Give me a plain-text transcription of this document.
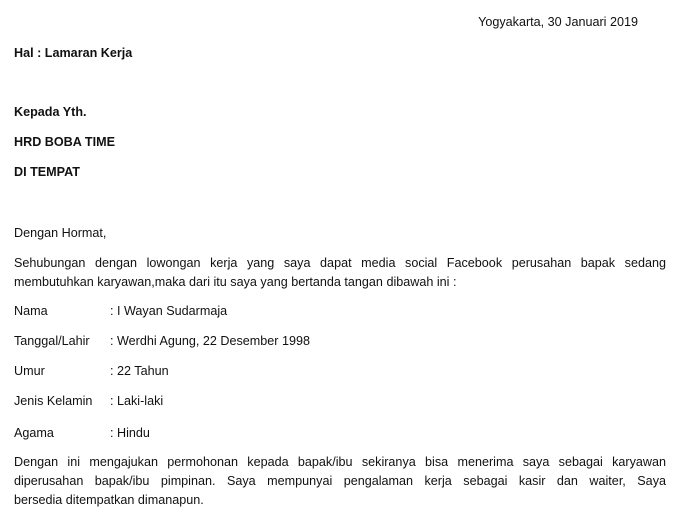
Yogyakarta, 30 Januari 2019
Hal : Lamaran Kerja
Kepada Yth.
HRD BOBA TIME
DI TEMPAT
Dengan Hormat,
Sehubungan dengan lowongan kerja yang saya dapat media social Facebook perusahan bapak sedang
membutuhkan karyawan,maka dari itu saya yang bertanda tangan dibawah ini :
Nama	: I Wayan Sudarmaja
Tanggal/Lahir : Werdhi Agung, 22 Desember 1998
Umur	: 22 Tahun
Jenis Kelamin : Laki-laki
Agama	: Hindu
Dengan ini mengajukan permohonan kepada bapak/ibu sekiranya bisa menerima saya sebagai karyawan
diperusahan bapak/ibu pimpinan. Saya mempunyai pengalaman kerja sebagai kasir dan waiter, Saya
bersedia ditempatkan dimanapun.
